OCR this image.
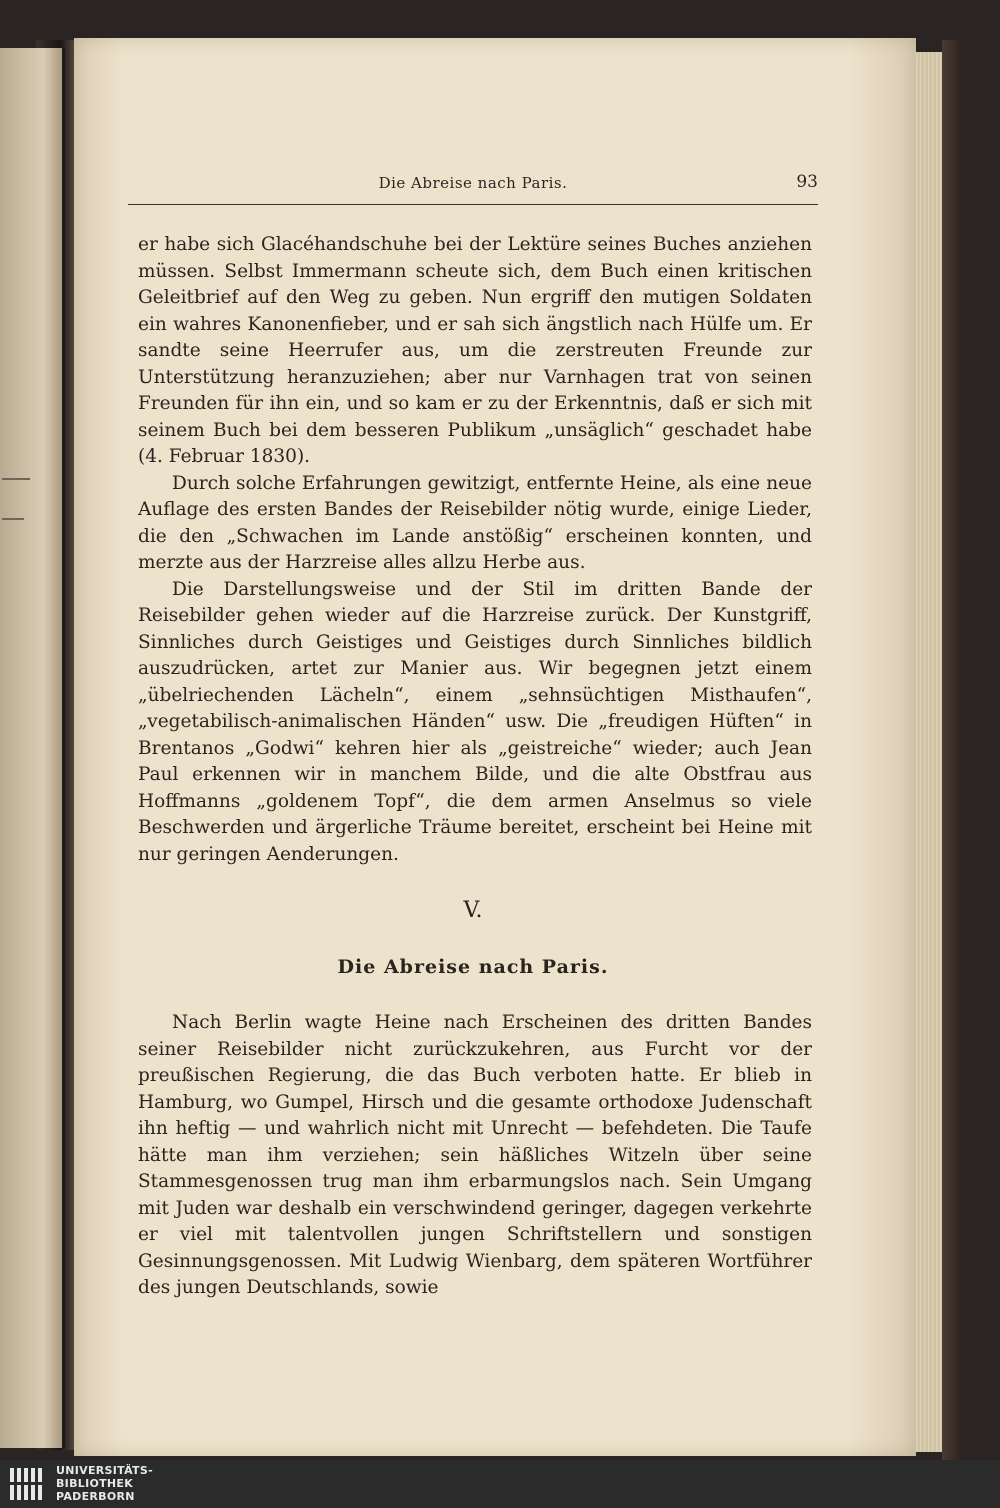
Die Abreise nach Paris.	93

er habe sich Glacéhandschuhe bei der Lektüre seines Buches anziehen müssen. Selbst Immermann scheute sich, dem Buch einen kritischen Geleitbrief auf den Weg zu geben. Nun ergriff den mutigen Soldaten ein wahres Kanonenfieber, und er sah sich ängstlich nach Hülfe um. Er sandte seine Heerrufer aus, um die zerstreuten Freunde zur Unterstützung heranzuziehen; aber nur Varnhagen trat von seinen Freunden für ihn ein, und so kam er zu der Erkenntnis, daß er sich mit seinem Buch bei dem besseren Publikum „unsäglich“ geschadet habe (4. Februar 1830).

Durch solche Erfahrungen gewitzigt, entfernte Heine, als eine neue Auflage des ersten Bandes der Reisebilder nötig wurde, einige Lieder, die den „Schwachen im Lande anstößig“ erscheinen konnten, und merzte aus der Harzreise alles allzu Herbe aus.

Die Darstellungsweise und der Stil im dritten Bande der Reisebilder gehen wieder auf die Harzreise zurück. Der Kunstgriff, Sinnliches durch Geistiges und Geistiges durch Sinnliches bildlich auszudrücken, artet zur Manier aus. Wir begegnen jetzt einem „übelriechenden Lächeln“, einem „sehnsüchtigen Misthaufen“, „vegetabilisch-animalischen Händen“ usw. Die „freudigen Hüften“ in Brentanos „Godwi“ kehren hier als „geistreiche“ wieder; auch Jean Paul erkennen wir in manchem Bilde, und die alte Obstfrau aus Hoffmanns „goldenem Topf“, die dem armen Anselmus so viele Beschwerden und ärgerliche Träume bereitet, erscheint bei Heine mit nur geringen Aenderungen.

V.
Die Abreise nach Paris.

Nach Berlin wagte Heine nach Erscheinen des dritten Bandes seiner Reisebilder nicht zurückzukehren, aus Furcht vor der preußischen Regierung, die das Buch verboten hatte. Er blieb in Hamburg, wo Gumpel, Hirsch und die gesamte orthodoxe Judenschaft ihn heftig — und wahrlich nicht mit Unrecht — befehdeten. Die Taufe hätte man ihm verziehen; sein häßliches Witzeln über seine Stammesgenossen trug man ihm erbarmungslos nach. Sein Umgang mit Juden war deshalb ein verschwindend geringer, dagegen verkehrte er viel mit talentvollen jungen Schriftstellern und sonstigen Gesinnungsgenossen. Mit Ludwig Wienbarg, dem späteren Wortführer des jungen Deutschlands, sowie

UNIVERSITÄTS-
BIBLIOTHEK
PADERBORN
